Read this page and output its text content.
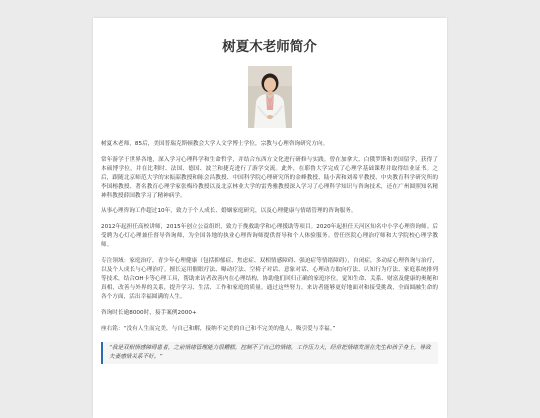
树夏木老师简介

树夏木老师，85后，美国普瑞克斯顿教会大学人文学博士学位，宗教与心理咨询研究方向。

常年游学于世界各地，深入学习心理科学和生命哲学，并结合东西方文化进行研修与实践。曾在加拿大、白俄罗斯和美国留学，获得了本硕博学位，并在比利时、法国、德国、波兰和捷克进行了游学交流。此外，在耶鲁大学完成了心理学基础课程并取得结业证书。之后，跟随北京师范大学的宋振韶教授和陈会昌教授、中国科学院心理研究所的金峰教授、陆小茜和刘希平教授、中央教育科学研究所的李国榕教授、著名教育心理学家张梅玲教授以及北京林业大学的雷秀雅教授深入学习了心理科学知识与咨询技术，还在广州圆照知名精神科教授薛国教学习了精神病学。

从事心理咨询工作超过10年，致力于个人成长、婚姻家庭研究，以及心理健康与情绪管理的咨询服务。

2012年起担任高校讲师，2015年创立公益组织，致力于挽救助学和心理援助等项目。2020年起担任天河区知名中小学心理咨询师。后受聘为心灯心理兼任督导咨询师，为全国各地的执业心理咨询师提供督导和个人体验服务。曾任医院心理治疗师和大学院校心理学教师。

专注领域：家庭治疗，青少年心理健康（包括抑郁症、焦虑症、双相情感障碍、强迫症等情绪障碍），自闭症，多动症心理咨询与治疗，以及个人成长与心理治疗。擅长运用催眠疗法、曝动疗法、空椅子对话、意象对话、心理动力取向疗法、认知行为疗法、家庭系统排列等技术，结合OH卡等心理工具，帮助来访者改善内在心理结构，协助他们回归正确的家庭序位，觉知生命、关系、财富及健康的奥秘和真相，改善与外界的关系，提升学习、生活、工作和家庭的质量。通过这些努力，来访者能够更好地面对和接受挑战，全面圆融生命的各个方面，活出幸福圆满的人生。

咨询时长逾8000时，接手案例2000+

座右铭：“没有人生而完美，与自己和解，接纳不完美的自己和不完美的他人，吸引爱与幸福。”

“我是双相情感障碍患者，之前情绪管理能力很糟糕，控制不了自己的情绪，工作压力大，经常把情绪发泄在先生和孩子身上，导致夫妻感情关系不好。”
